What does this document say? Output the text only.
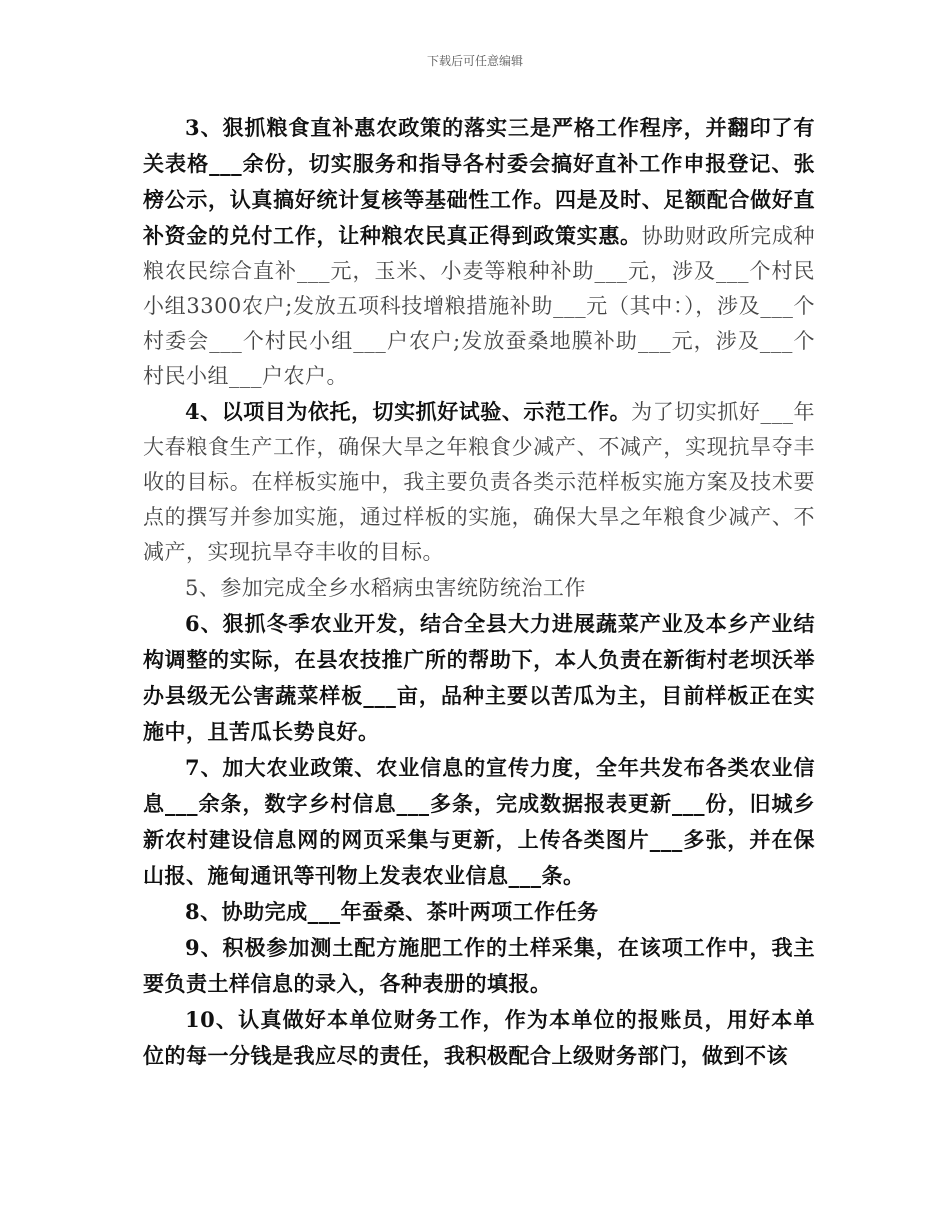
下载后可任意编辑

3、狠抓粮食直补惠农政策的落实三是严格工作程序，并翻印了有关表格___余份，切实服务和指导各村委会搞好直补工作申报登记、张榜公示，认真搞好统计复核等基础性工作。四是及时、足额配合做好直补资金的兑付工作，让种粮农民真正得到政策实惠。协助财政所完成种粮农民综合直补___元，玉米、小麦等粮种补助___元，涉及___个村民小组3300农户;发放五项科技增粮措施补助___元（其中：），涉及___个村委会___个村民小组___户农户;发放蚕桑地膜补助___元，涉及___个村民小组___户农户。

4、以项目为依托，切实抓好试验、示范工作。为了切实抓好___年大春粮食生产工作，确保大旱之年粮食少减产、不减产，实现抗旱夺丰收的目标。在样板实施中，我主要负责各类示范样板实施方案及技术要点的撰写并参加实施，通过样板的实施，确保大旱之年粮食少减产、不减产，实现抗旱夺丰收的目标。

5、参加完成全乡水稻病虫害统防统治工作

6、狠抓冬季农业开发，结合全县大力进展蔬菜产业及本乡产业结构调整的实际，在县农技推广所的帮助下，本人负责在新街村老坝沃举办县级无公害蔬菜样板___亩，品种主要以苦瓜为主，目前样板正在实施中，且苦瓜长势良好。

7、加大农业政策、农业信息的宣传力度，全年共发布各类农业信息___余条，数字乡村信息___多条，完成数据报表更新___份，旧城乡新农村建设信息网的网页采集与更新，上传各类图片___多张，并在保山报、施甸通讯等刊物上发表农业信息___条。

8、协助完成___年蚕桑、茶叶两项工作任务

9、积极参加测土配方施肥工作的土样采集，在该项工作中，我主要负责土样信息的录入，各种表册的填报。

10、认真做好本单位财务工作，作为本单位的报账员，用好本单位的每一分钱是我应尽的责任，我积极配合上级财务部门，做到不该
